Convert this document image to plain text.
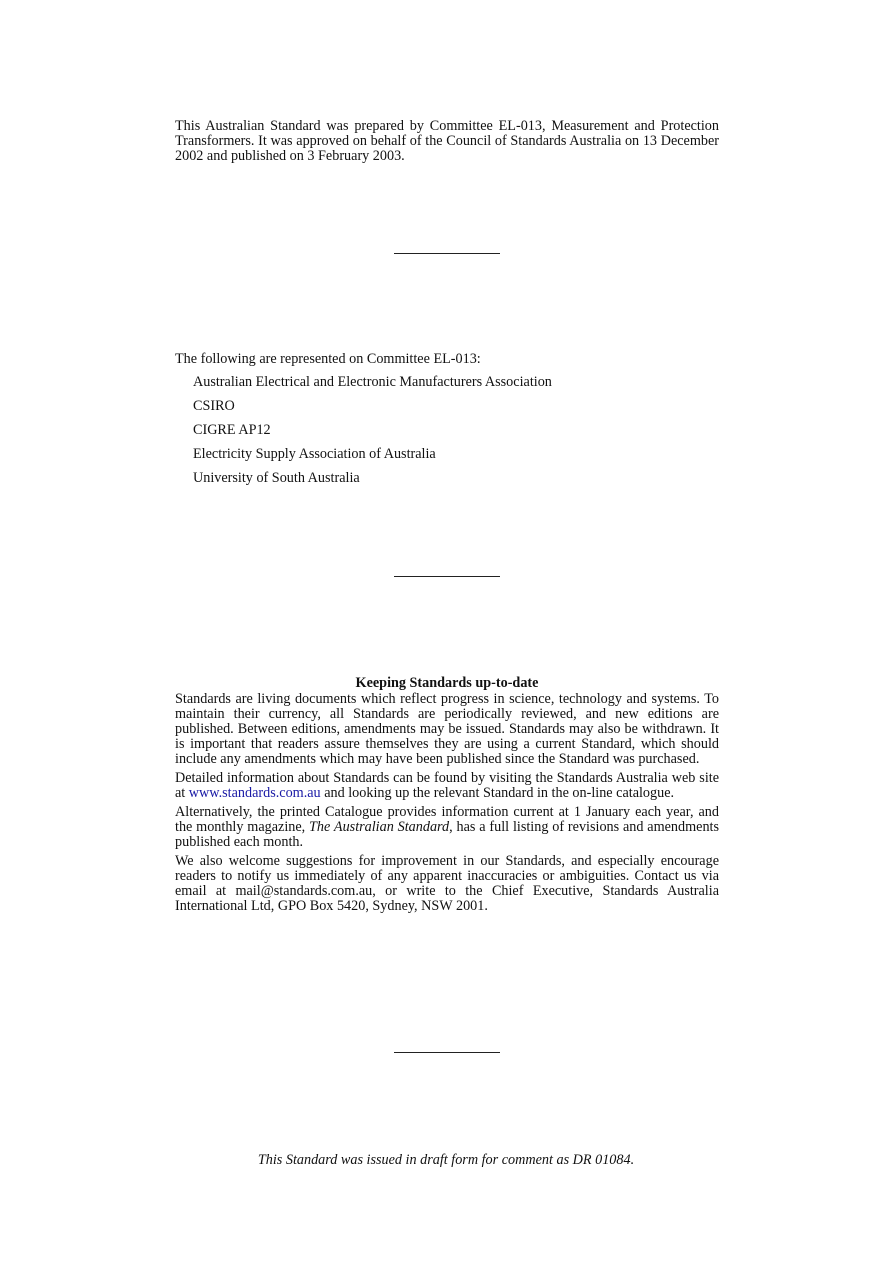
This Australian Standard was prepared by Committee EL-013, Measurement and Protection Transformers. It was approved on behalf of the Council of Standards Australia on 13 December 2002 and published on 3 February 2003.
The following are represented on Committee EL-013:
Australian Electrical and Electronic Manufacturers Association
CSIRO
CIGRE AP12
Electricity Supply Association of Australia
University of South Australia
Keeping Standards up-to-date

Standards are living documents which reflect progress in science, technology and systems. To maintain their currency, all Standards are periodically reviewed, and new editions are published. Between editions, amendments may be issued. Standards may also be withdrawn. It is important that readers assure themselves they are using a current Standard, which should include any amendments which may have been published since the Standard was purchased.

Detailed information about Standards can be found by visiting the Standards Australia web site at www.standards.com.au and looking up the relevant Standard in the on-line catalogue.

Alternatively, the printed Catalogue provides information current at 1 January each year, and the monthly magazine, The Australian Standard, has a full listing of revisions and amendments published each month.

We also welcome suggestions for improvement in our Standards, and especially encourage readers to notify us immediately of any apparent inaccuracies or ambiguities. Contact us via email at mail@standards.com.au, or write to the Chief Executive, Standards Australia International Ltd, GPO Box 5420, Sydney, NSW 2001.

This Standard was issued in draft form for comment as DR 01084.
